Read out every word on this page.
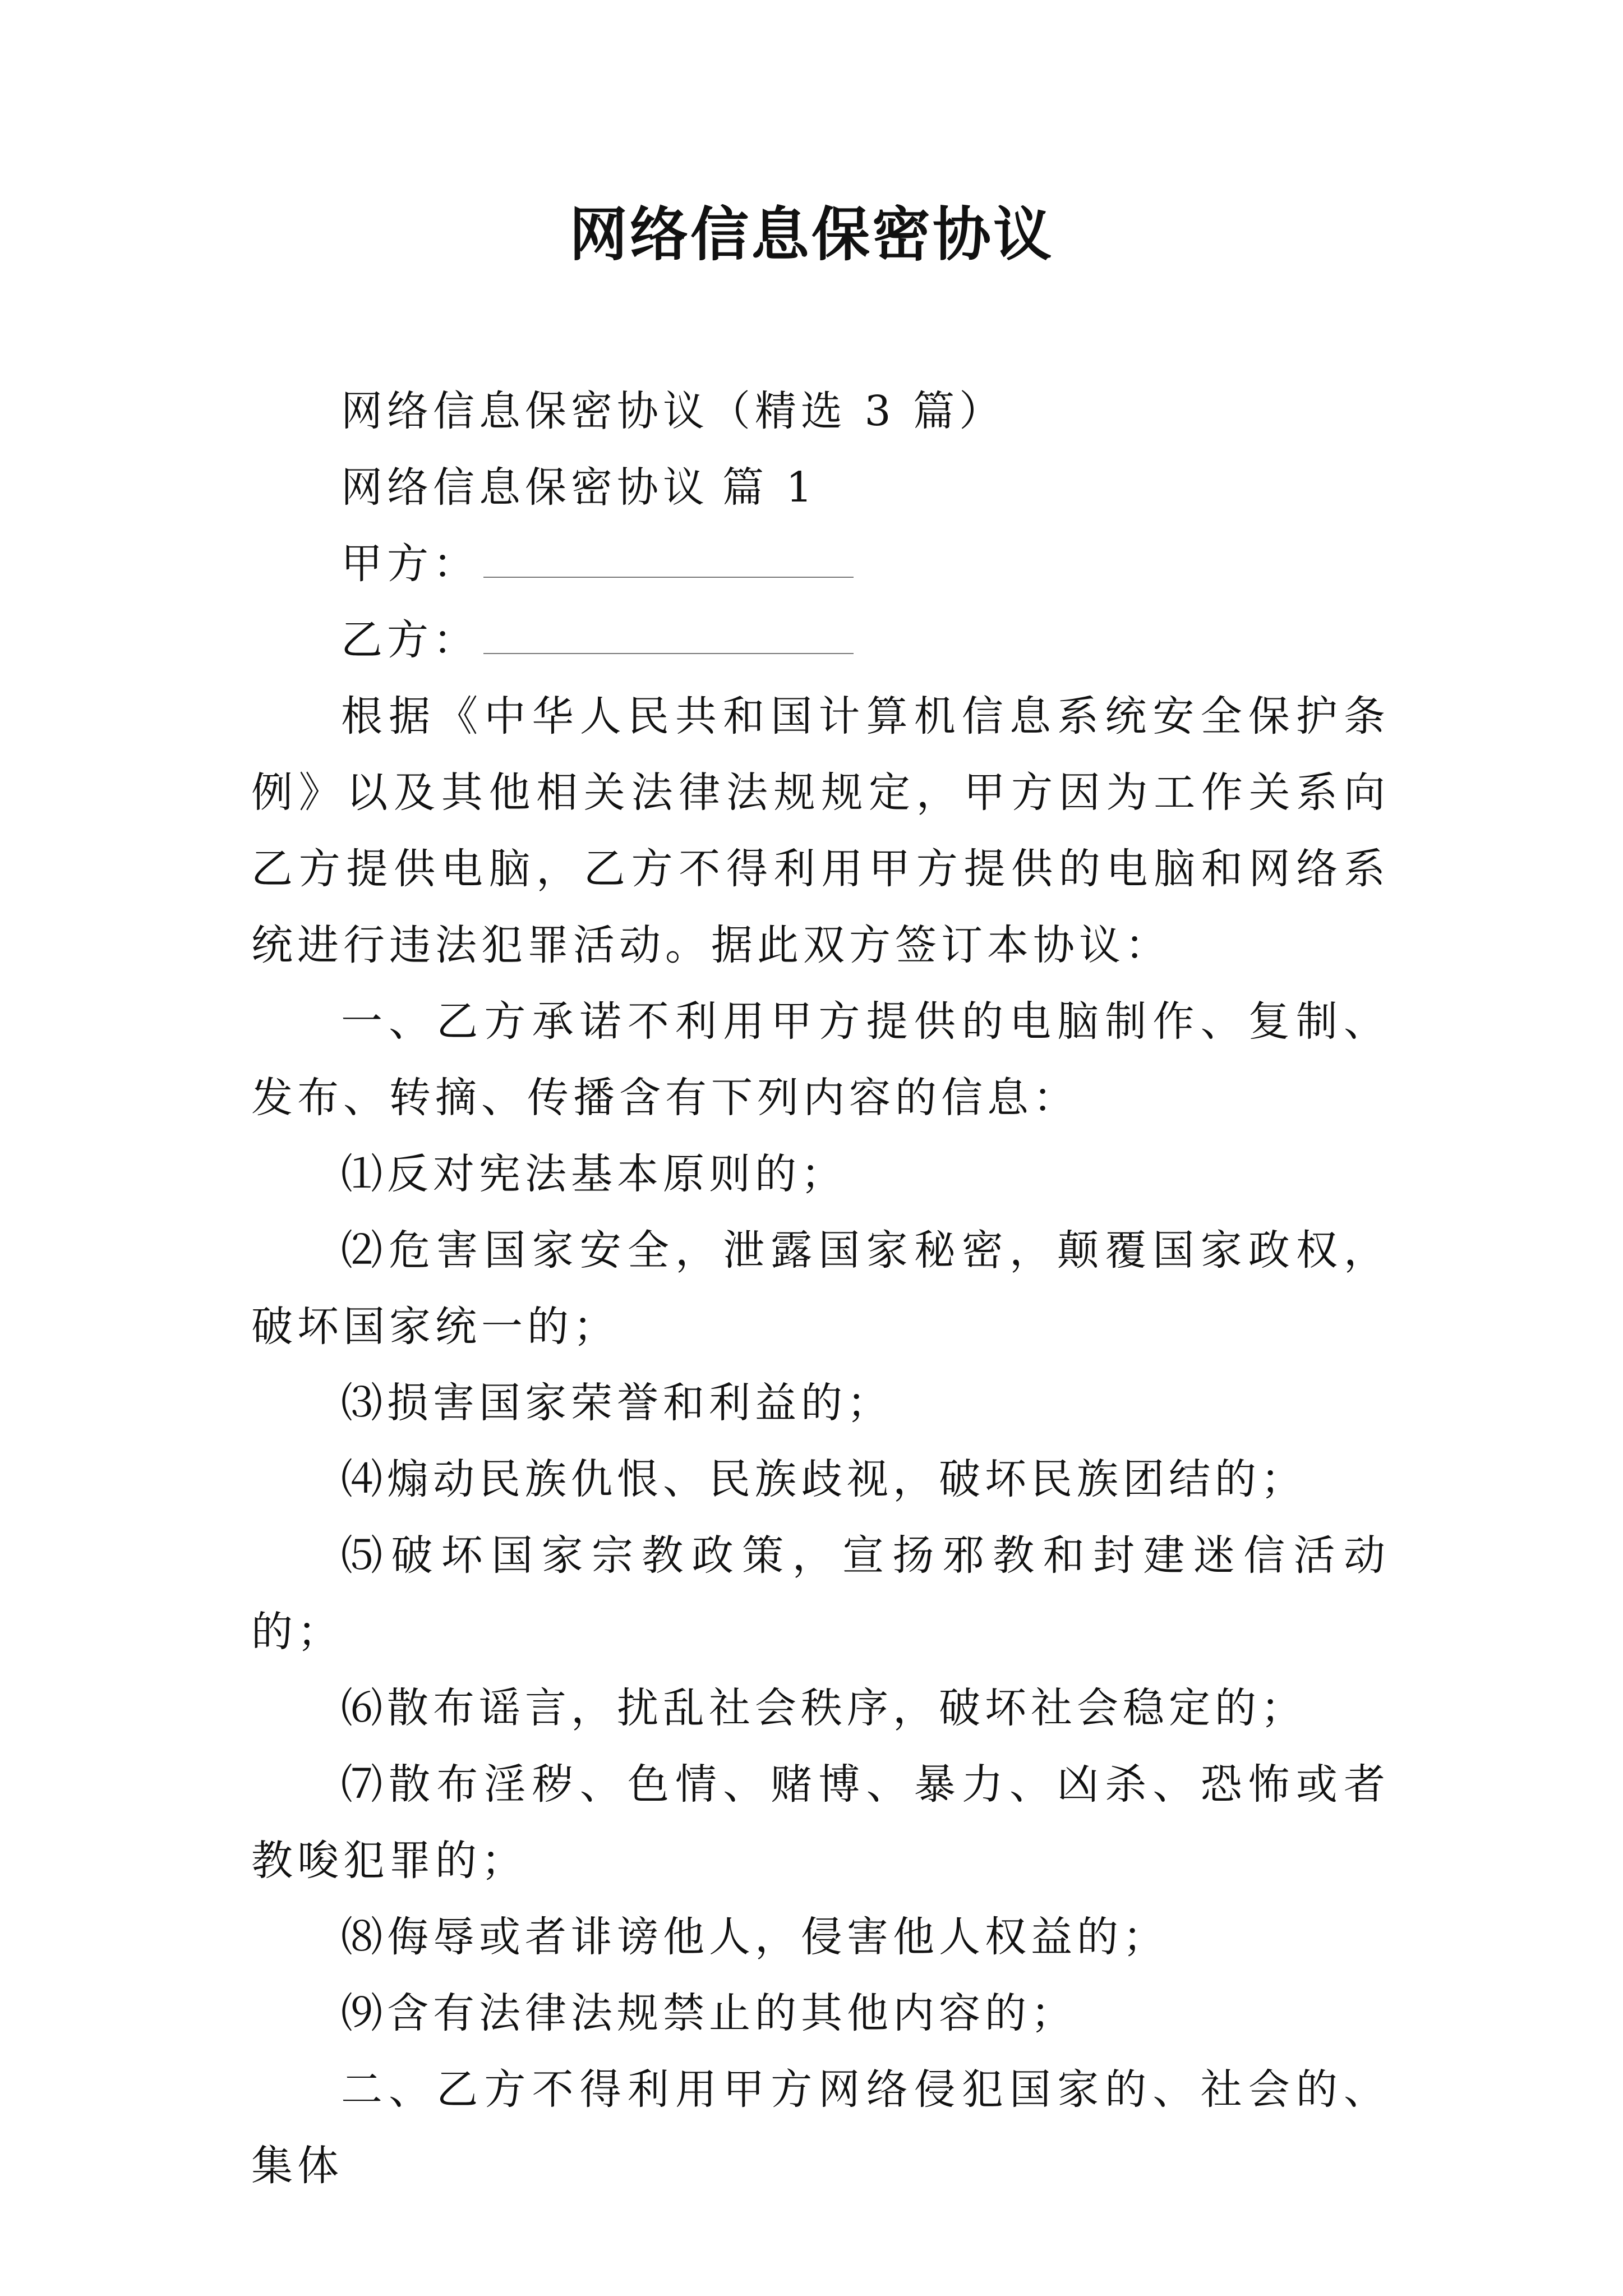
网络信息保密协议

网络信息保密协议（精选 3 篇）

网络信息保密协议 篇 1

甲方：

乙方：

根据《中华人民共和国计算机信息系统安全保护条例》以及其他相关法律法规规定，甲方因为工作关系向乙方提供电脑，乙方不得利用甲方提供的电脑和网络系统进行违法犯罪活动。据此双方签订本协议：

一、乙方承诺不利用甲方提供的电脑制作、复制、发布、转摘、传播含有下列内容的信息：

⑴反对宪法基本原则的；

⑵危害国家安全，泄露国家秘密，颠覆国家政权，破坏国家统一的；

⑶损害国家荣誉和利益的；

⑷煽动民族仇恨、民族歧视，破坏民族团结的；

⑸破坏国家宗教政策，宣扬邪教和封建迷信活动的；

⑹散布谣言，扰乱社会秩序，破坏社会稳定的；

⑺散布淫秽、色情、赌博、暴力、凶杀、恐怖或者教唆犯罪的；

⑻侮辱或者诽谤他人，侵害他人权益的；

⑼含有法律法规禁止的其他内容的；

二、乙方不得利用甲方网络侵犯国家的、社会的、集体
